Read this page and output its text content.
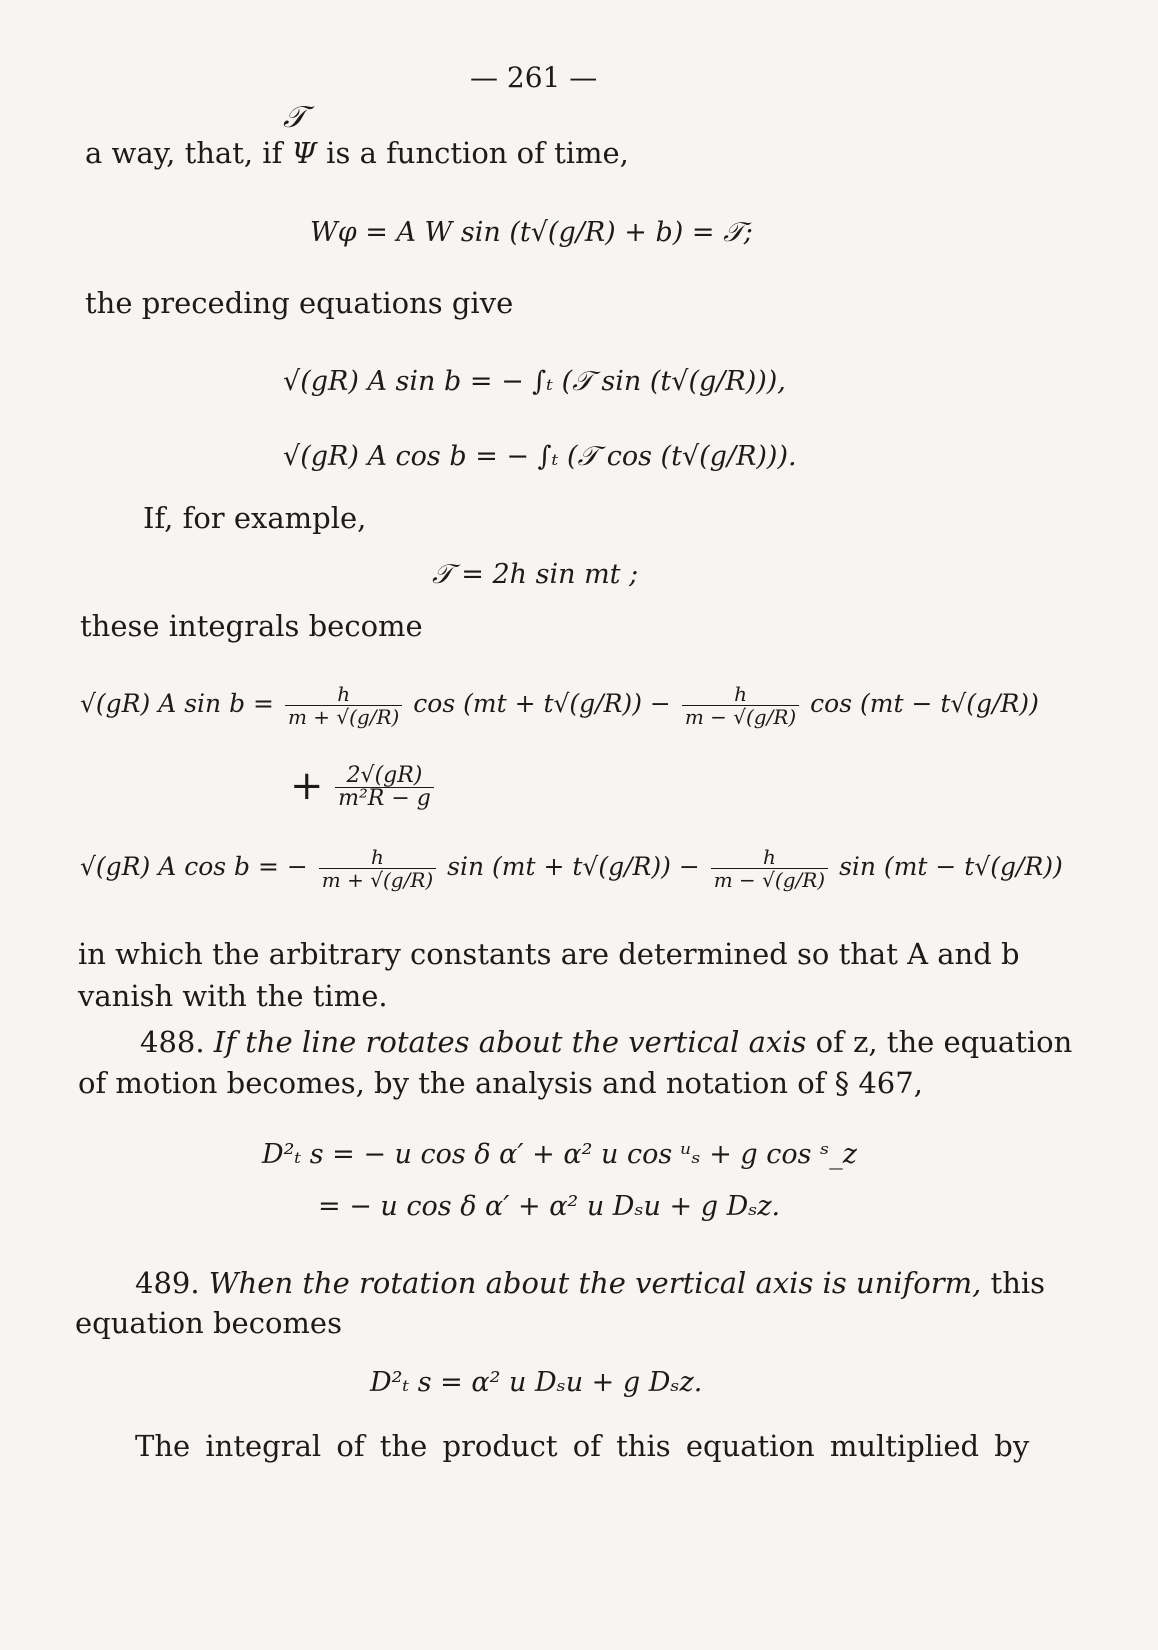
— 261 —
𝒯
a way, that, if Ψ is a function of time,
Wφ = A W sin (t√(g/R) + b) = 𝒯;
the preceding equations give
√(gR) A sin b = − ∫ₜ (𝒯 sin (t√(g/R))),
√(gR) A cos b = − ∫ₜ (𝒯 cos (t√(g/R))).
If, for example,
𝒯 = 2h sin mt ;
these integrals become
√(gR) A $\sin b = \frac{h}{m + √(g/R)}$ $\cos (mt + t√(g/R)) - \frac{h}{m - √(g/R)}$ cos (mt − t√(g/R))
+ $\frac{2√(gR)}{\text{m²R − g}}$
√(gR) A cos b = − $\frac{h}{m + √(g/R)}$ $\sin (mt + t√(g/R)) - \frac{h}{m - √(g/R)}$ sin (mt − t√(g/R))
in which the arbitrary constants are determined so that A and b
vanish with the time.
488. If the line rotates about the vertical axis of z, the equation
of motion becomes, by the analysis and notation of § 467,
D²ₜ s = − u cos δ α′ + α² u cos ᵘₛ + g cos ˢ_z
= − u cos δ α′ + α² u Dₛu + g Dₛz.
489. When the rotation about the vertical axis is uniform, this
equation becomes
D²ₜ s = α² u Dₛu + g Dₛz.
The integral of the product of this equation multiplied by
